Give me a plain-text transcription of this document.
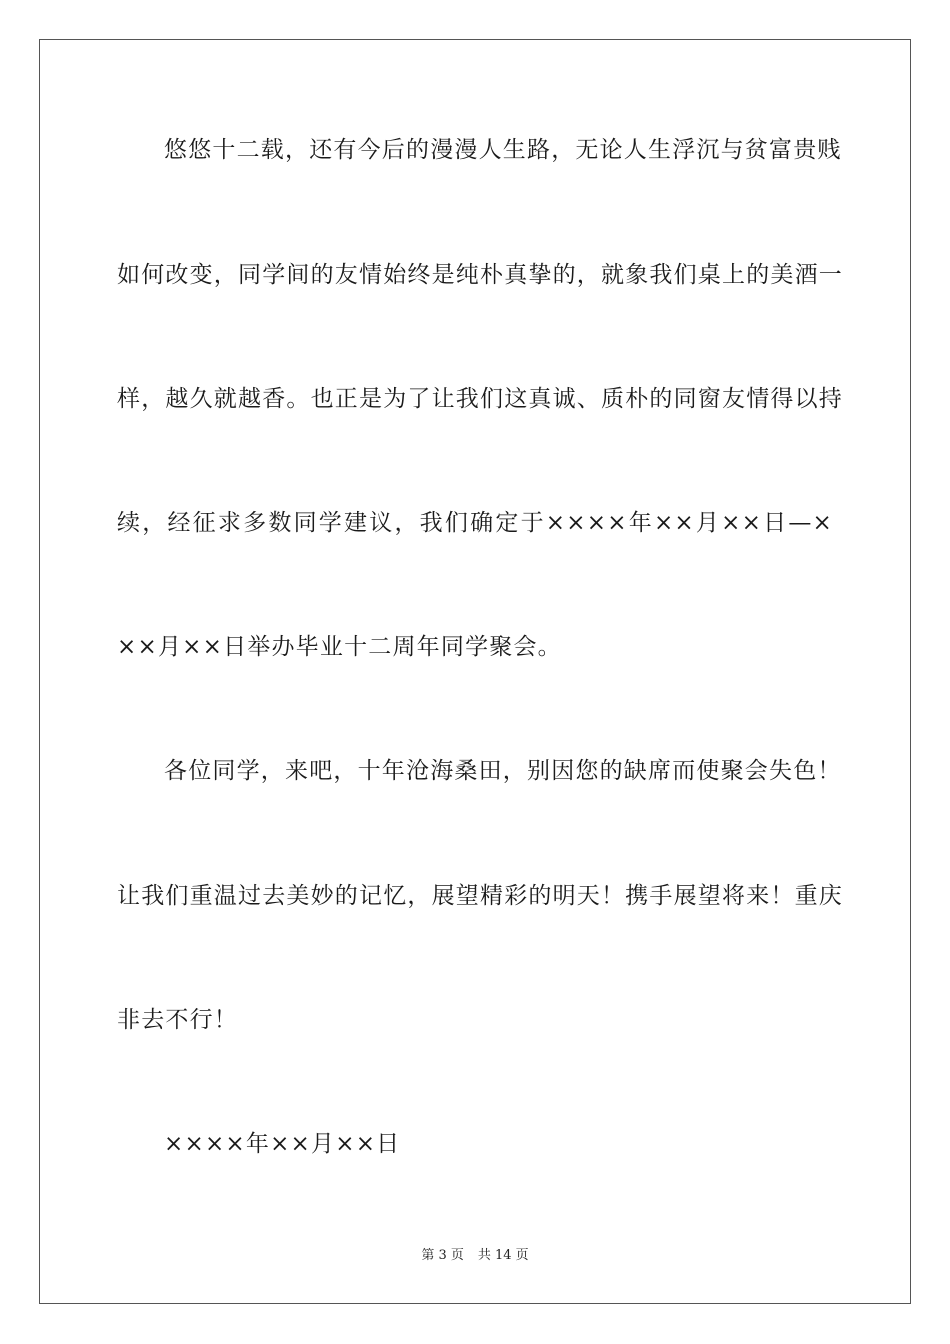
悠悠十二载，还有今后的漫漫人生路，无论人生浮沉与贫富贵贱
如何改变，同学间的友情始终是纯朴真挚的，就象我们桌上的美酒一
样，越久就越香。也正是为了让我们这真诚、质朴的同窗友情得以持
续，经征求多数同学建议，我们确定于××××年××月××日—×
××月××日举办毕业十二周年同学聚会。
各位同学，来吧，十年沧海桑田，别因您的缺席而使聚会失色！
让我们重温过去美妙的记忆，展望精彩的明天！携手展望将来！重庆
非去不行！
××××年××月××日
第 3 页 共 14 页
